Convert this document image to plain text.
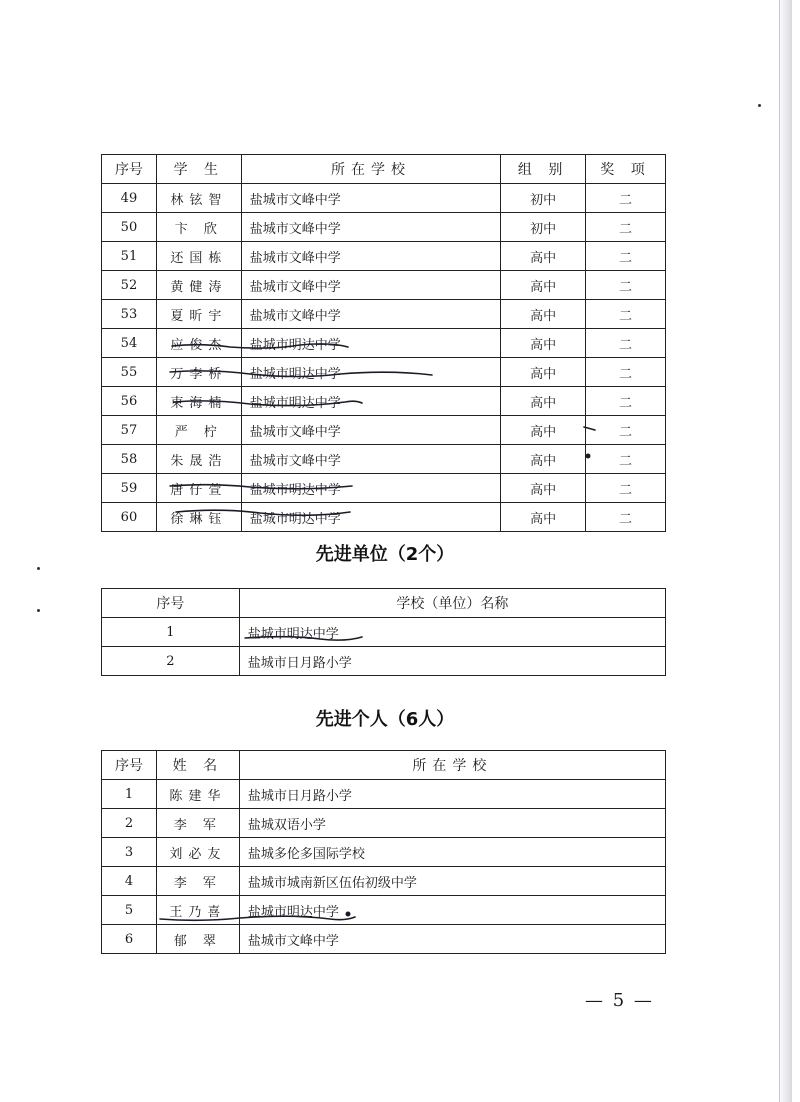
序号	学 生	所在学校	组 别	奖 项
49	林铉智	盐城市文峰中学	初中	二
50	卞 欣	盐城市文峰中学	初中	二
51	还国栋	盐城市文峰中学	高中	二
52	黄健涛	盐城市文峰中学	高中	二
53	夏昕宇	盐城市文峰中学	高中	二
54	应俊杰	盐城市明达中学	高中	二
55	万李桥	盐城市明达中学	高中	二
56	束海楠	盐城市明达中学	高中	二
57	严 柠	盐城市文峰中学	高中	二
58	朱晟浩	盐城市文峰中学	高中	二
59	唐仔萱	盐城市明达中学	高中	二
60	徐琳钰	盐城市明达中学	高中	二
先进单位（2个）
序号	学校（单位）名称
1	盐城市明达中学
2	盐城市日月路小学
先进个人（6人）
序号	姓 名	所在学校
1	陈建华	盐城市日月路小学
2	李 军	盐城双语小学
3	刘必友	盐城多伦多国际学校
4	李 军	盐城市城南新区伍佑初级中学
5	王乃喜	盐城市明达中学
6	郁 翠	盐城市文峰中学
— 5 —
